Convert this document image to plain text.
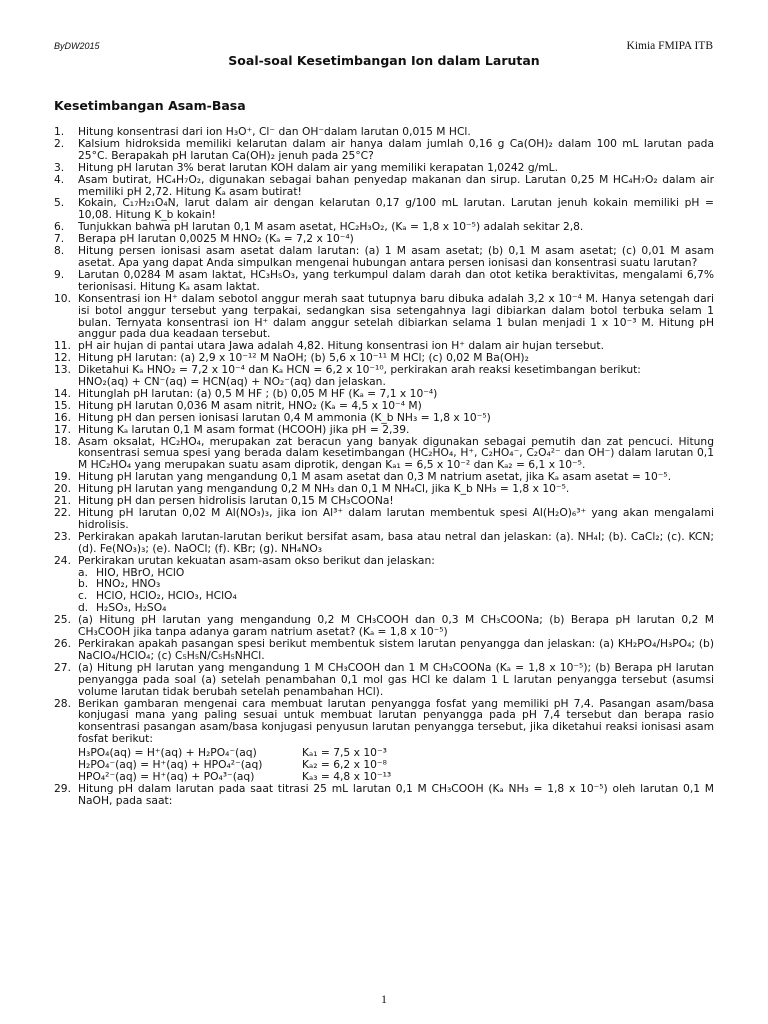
ByDW2015	Kimia FMIPA ITB
Soal-soal Kesetimbangan Ion dalam Larutan
Kesetimbangan Asam-Basa
1.	Hitung konsentrasi dari ion H₃O⁺, Cl⁻ dan OH⁻dalam larutan 0,015 M HCl.
2.	Kalsium hidroksida memiliki kelarutan dalam air hanya dalam jumlah 0,16 g Ca(OH)₂ dalam 100 mL larutan pada 25°C. Berapakah pH larutan Ca(OH)₂ jenuh pada 25°C?
3.	Hitung pH larutan 3% berat larutan KOH dalam air yang memiliki kerapatan 1,0242 g/mL.
4.	Asam butirat, HC₄H₇O₂, digunakan sebagai bahan penyedap makanan dan sirup. Larutan 0,25 M HC₄H₇O₂ dalam air memiliki pH 2,72. Hitung Kₐ asam butirat!
5.	Kokain, C₁₇H₂₁O₄N, larut dalam air dengan kelarutan 0,17 g/100 mL larutan. Larutan jenuh kokain memiliki pH = 10,08. Hitung K_b kokain!
6.	Tunjukkan bahwa pH larutan 0,1 M asam asetat, HC₂H₃O₂, (Kₐ = 1,8 x 10⁻⁵) adalah sekitar 2,8.
7.	Berapa pH larutan 0,0025 M HNO₂ (Kₐ = 7,2 x 10⁻⁴)
8.	Hitung persen ionisasi asam asetat dalam larutan: (a) 1 M asam asetat; (b) 0,1 M asam asetat; (c) 0,01 M asam asetat. Apa yang dapat Anda simpulkan mengenai hubungan antara persen ionisasi dan konsentrasi suatu larutan?
9.	Larutan 0,0284 M asam laktat, HC₃H₅O₃, yang terkumpul dalam darah dan otot ketika beraktivitas, mengalami 6,7% terionisasi. Hitung Kₐ asam laktat.
10. Konsentrasi ion H⁺ dalam sebotol anggur merah saat tutupnya baru dibuka adalah 3,2 x 10⁻⁴ M. Hanya setengah dari isi botol anggur tersebut yang terpakai, sedangkan sisa setengahnya lagi dibiarkan dalam botol terbuka selam 1 bulan. Ternyata konsentrasi ion H⁺ dalam anggur setelah dibiarkan selama 1 bulan menjadi 1 x 10⁻³ M. Hitung pH anggur pada dua keadaan tersebut.
11. pH air hujan di pantai utara Jawa adalah 4,82. Hitung konsentrasi ion H⁺ dalam air hujan tersebut.
12. Hitung pH larutan: (a) 2,9 x 10⁻¹² M NaOH; (b) 5,6 x 10⁻¹¹ M HCl; (c) 0,02 M Ba(OH)₂
13. Diketahui Kₐ HNO₂ = 7,2 x 10⁻⁴ dan Kₐ HCN = 6,2 x 10⁻¹⁰, perkirakan arah reaksi kesetimbangan berikut:
HNO₂(aq) + CN⁻(aq) = HCN(aq) + NO₂⁻(aq) dan jelaskan.
14. Hitunglah pH larutan: (a) 0,5 M HF ; (b) 0,05 M HF (Kₐ = 7,1 x 10⁻⁴)
15. Hitung pH larutan 0,036 M asam nitrit, HNO₂ (Kₐ = 4,5 x 10⁻⁴ M)
16. Hitung pH dan persen ionisasi larutan 0,4 M ammonia (K_b NH₃ = 1,8 x 10⁻⁵)
17. Hitung Kₐ larutan 0,1 M asam format (HCOOH) jika pH = 2,39.
18. Asam oksalat, HC₂HO₄, merupakan zat beracun yang banyak digunakan sebagai pemutih dan zat pencuci. Hitung konsentrasi semua spesi yang berada dalam kesetimbangan (HC₂HO₄, H⁺, C₂HO₄⁻, C₂O₄²⁻ dan OH⁻) dalam larutan 0,1 M HC₂HO₄ yang merupakan suatu asam diprotik, dengan Kₐ₁ = 6,5 x 10⁻² dan Kₐ₂ = 6,1 x 10⁻⁵.
19. Hitung pH larutan yang mengandung 0,1 M asam asetat dan 0,3 M natrium asetat, jika Kₐ asam asetat = 10⁻⁵.
20. Hitung pH larutan yang mengandung 0,2 M NH₃ dan 0,1 M NH₄Cl, jika K_b NH₃ = 1,8 x 10⁻⁵.
21. Hitung pH dan persen hidrolisis larutan 0,15 M CH₃COONa!
22. Hitung pH larutan 0,02 M Al(NO₃)₃, jika ion Al³⁺ dalam larutan membentuk spesi Al(H₂O)₆³⁺ yang akan mengalami hidrolisis.
23. Perkirakan apakah larutan-larutan berikut bersifat asam, basa atau netral dan jelaskan: (a). NH₄I; (b). CaCl₂; (c). KCN; (d). Fe(NO₃)₃; (e). NaOCl; (f). KBr; (g). NH₄NO₃
24. Perkirakan urutan kekuatan asam-asam okso berikut dan jelaskan:
a. HIO, HBrO, HClO
b. HNO₂, HNO₃
c. HClO, HClO₂, HClO₃, HClO₄
d. H₂SO₃, H₂SO₄
25. (a) Hitung pH larutan yang mengandung 0,2 M CH₃COOH dan 0,3 M CH₃COONa; (b) Berapa pH larutan 0,2 M CH₃COOH jika tanpa adanya garam natrium asetat? (Kₐ = 1,8 x 10⁻⁵)
26. Perkirakan apakah pasangan spesi berikut membentuk sistem larutan penyangga dan jelaskan: (a) KH₂PO₄/H₃PO₄; (b) NaClO₄/HClO₄; (c) C₅H₅N/C₅H₅NHCl.
27. (a) Hitung pH larutan yang mengandung 1 M CH₃COOH dan 1 M CH₃COONa (Kₐ = 1,8 x 10⁻⁵); (b) Berapa pH larutan penyangga pada soal (a) setelah penambahan 0,1 mol gas HCl ke dalam 1 L larutan penyangga tersebut (asumsi volume larutan tidak berubah setelah penambahan HCl).
28. Berikan gambaran mengenai cara membuat larutan penyangga fosfat yang memiliki pH 7,4. Pasangan asam/basa konjugasi mana yang paling sesuai untuk membuat larutan penyangga pada pH 7,4 tersebut dan berapa rasio konsentrasi pasangan asam/basa konjugasi penyusun larutan penyangga tersebut, jika diketahui reaksi ionisasi asam fosfat berikut:
H₃PO₄(aq) = H⁺(aq) + H₂PO₄⁻(aq)	Kₐ₁ = 7,5 x 10⁻³
H₂PO₄⁻(aq) = H⁺(aq) + HPO₄²⁻(aq)	Kₐ₂ = 6,2 x 10⁻⁸
HPO₄²⁻(aq) = H⁺(aq) + PO₄³⁻(aq)	Kₐ₃ = 4,8 x 10⁻¹³
29. Hitung pH dalam larutan pada saat titrasi 25 mL larutan 0,1 M CH₃COOH (Kₐ NH₃ = 1,8 x 10⁻⁵) oleh larutan 0,1 M NaOH, pada saat:
1
